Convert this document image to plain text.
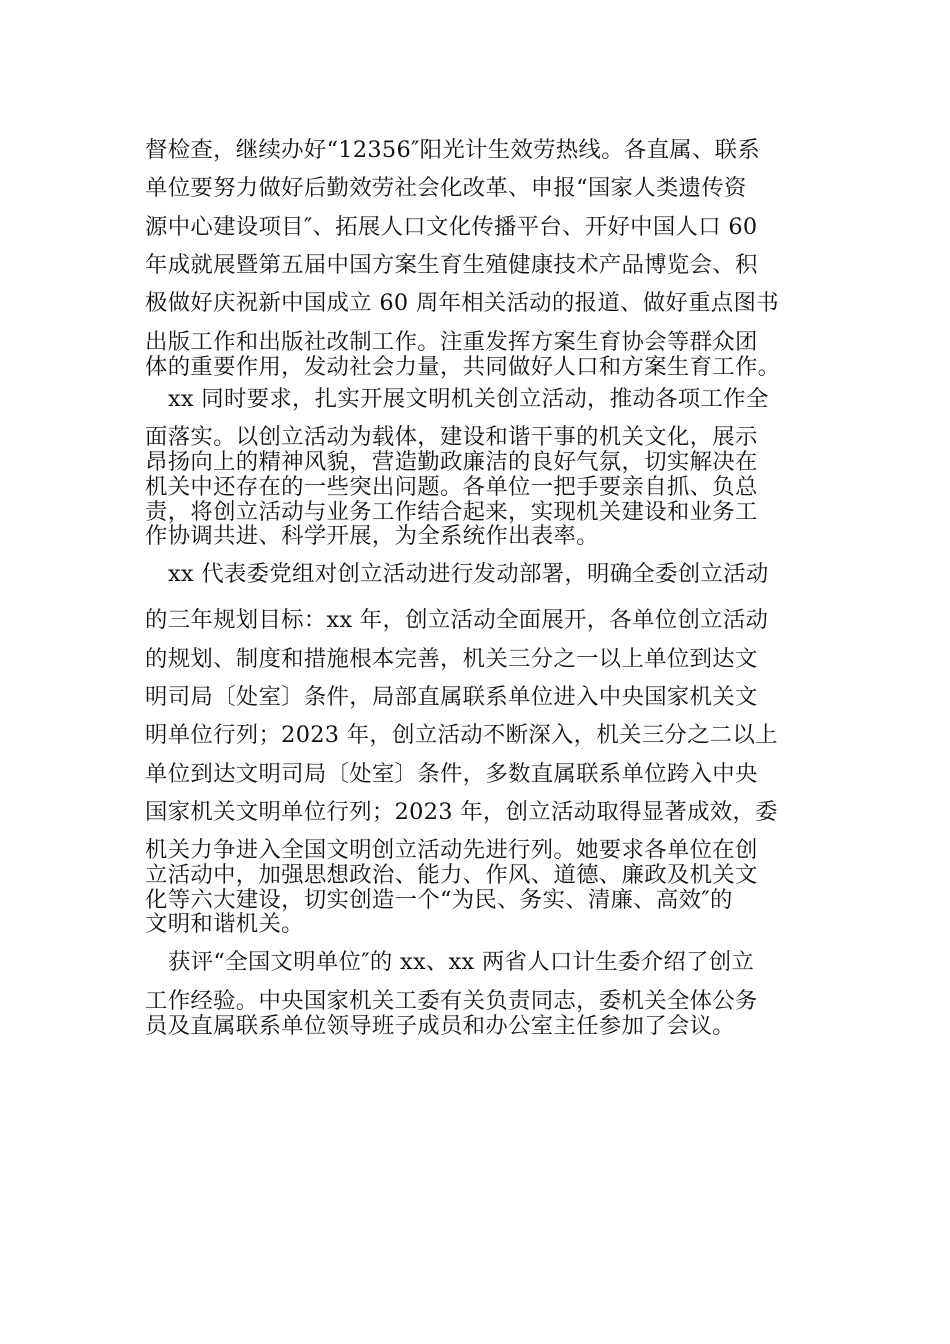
督检查，继续办好“12356″阳光计生效劳热线。各直属、联系
单位要努力做好后勤效劳社会化改革、申报“国家人类遗传资
源中心建设项目″、拓展人口文化传播平台、开好中国人口 60
年成就展暨第五届中国方案生育生殖健康技术产品博览会、积
极做好庆祝新中国成立 60 周年相关活动的报道、做好重点图书
出版工作和出版社改制工作。注重发挥方案生育协会等群众团
体的重要作用，发动社会力量，共同做好人口和方案生育工作。
xx 同时要求，扎实开展文明机关创立活动，推动各项工作全
面落实。以创立活动为载体，建设和谐干事的机关文化，展示
昂扬向上的精神风貌，营造勤政廉洁的良好气氛，切实解决在
机关中还存在的一些突出问题。各单位一把手要亲自抓、负总
责，将创立活动与业务工作结合起来，实现机关建设和业务工
作协调共进、科学开展，为全系统作出表率。
xx 代表委党组对创立活动进行发动部署，明确全委创立活动
的三年规划目标：xx 年，创立活动全面展开，各单位创立活动
的规划、制度和措施根本完善，机关三分之一以上单位到达文
明司局〔处室〕条件，局部直属联系单位进入中央国家机关文
明单位行列；2023 年，创立活动不断深入，机关三分之二以上
单位到达文明司局〔处室〕条件，多数直属联系单位跨入中央
国家机关文明单位行列；2023 年，创立活动取得显著成效，委
机关力争进入全国文明创立活动先进行列。她要求各单位在创
立活动中，加强思想政治、能力、作风、道德、廉政及机关文
化等六大建设，切实创造一个“为民、务实、清廉、高效″的
文明和谐机关。
获评“全国文明单位″的 xx、xx 两省人口计生委介绍了创立
工作经验。中央国家机关工委有关负责同志，委机关全体公务
员及直属联系单位领导班子成员和办公室主任参加了会议。
